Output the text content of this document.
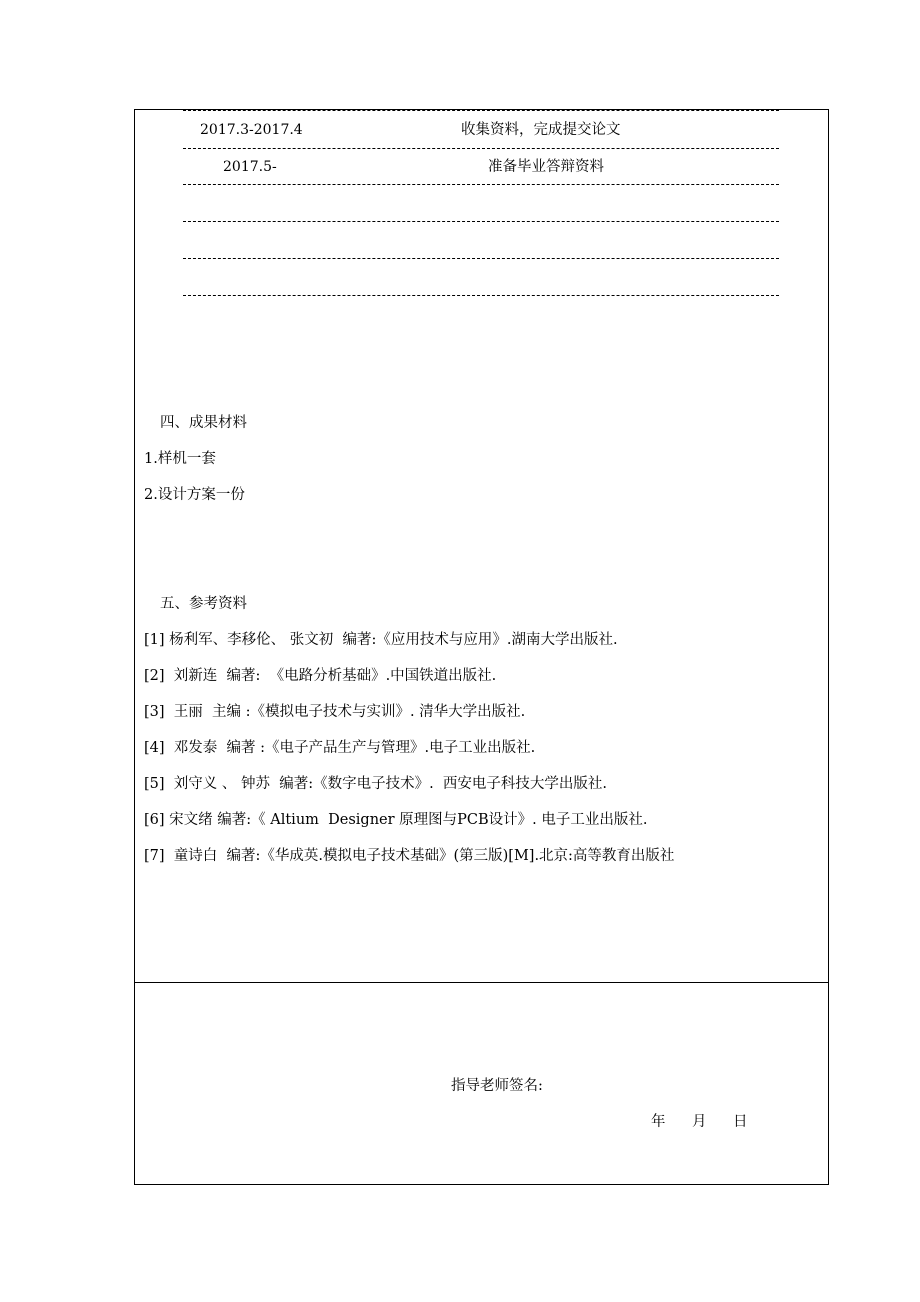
2017.3-2017.4	收集资料，完成提交论文
2017.5-	准备毕业答辩资料
四、成果材料
1.样机一套
2.设计方案一份
五、参考资料
[1] 杨利军、李移伦、 张文初  编著:《应用技术与应用》.湖南大学出版社.
[2]  刘新连  编著:  《电路分析基础》.中国铁道出版社.
[3]  王丽  主编 :《模拟电子技术与实训》. 清华大学出版社.
[4]  邓发泰  编著 :《电子产品生产与管理》.电子工业出版社.
[5]  刘守义 、 钟苏  编著:《数字电子技术》.  西安电子科技大学出版社.
[6] 宋文绪 编著:《 Altium  Designer 原理图与PCB设计》. 电子工业出版社.
[7]  童诗白  编著:《华成英.模拟电子技术基础》(第三版)[M].北京:高等教育出版社
指导老师签名:
年 月 日
